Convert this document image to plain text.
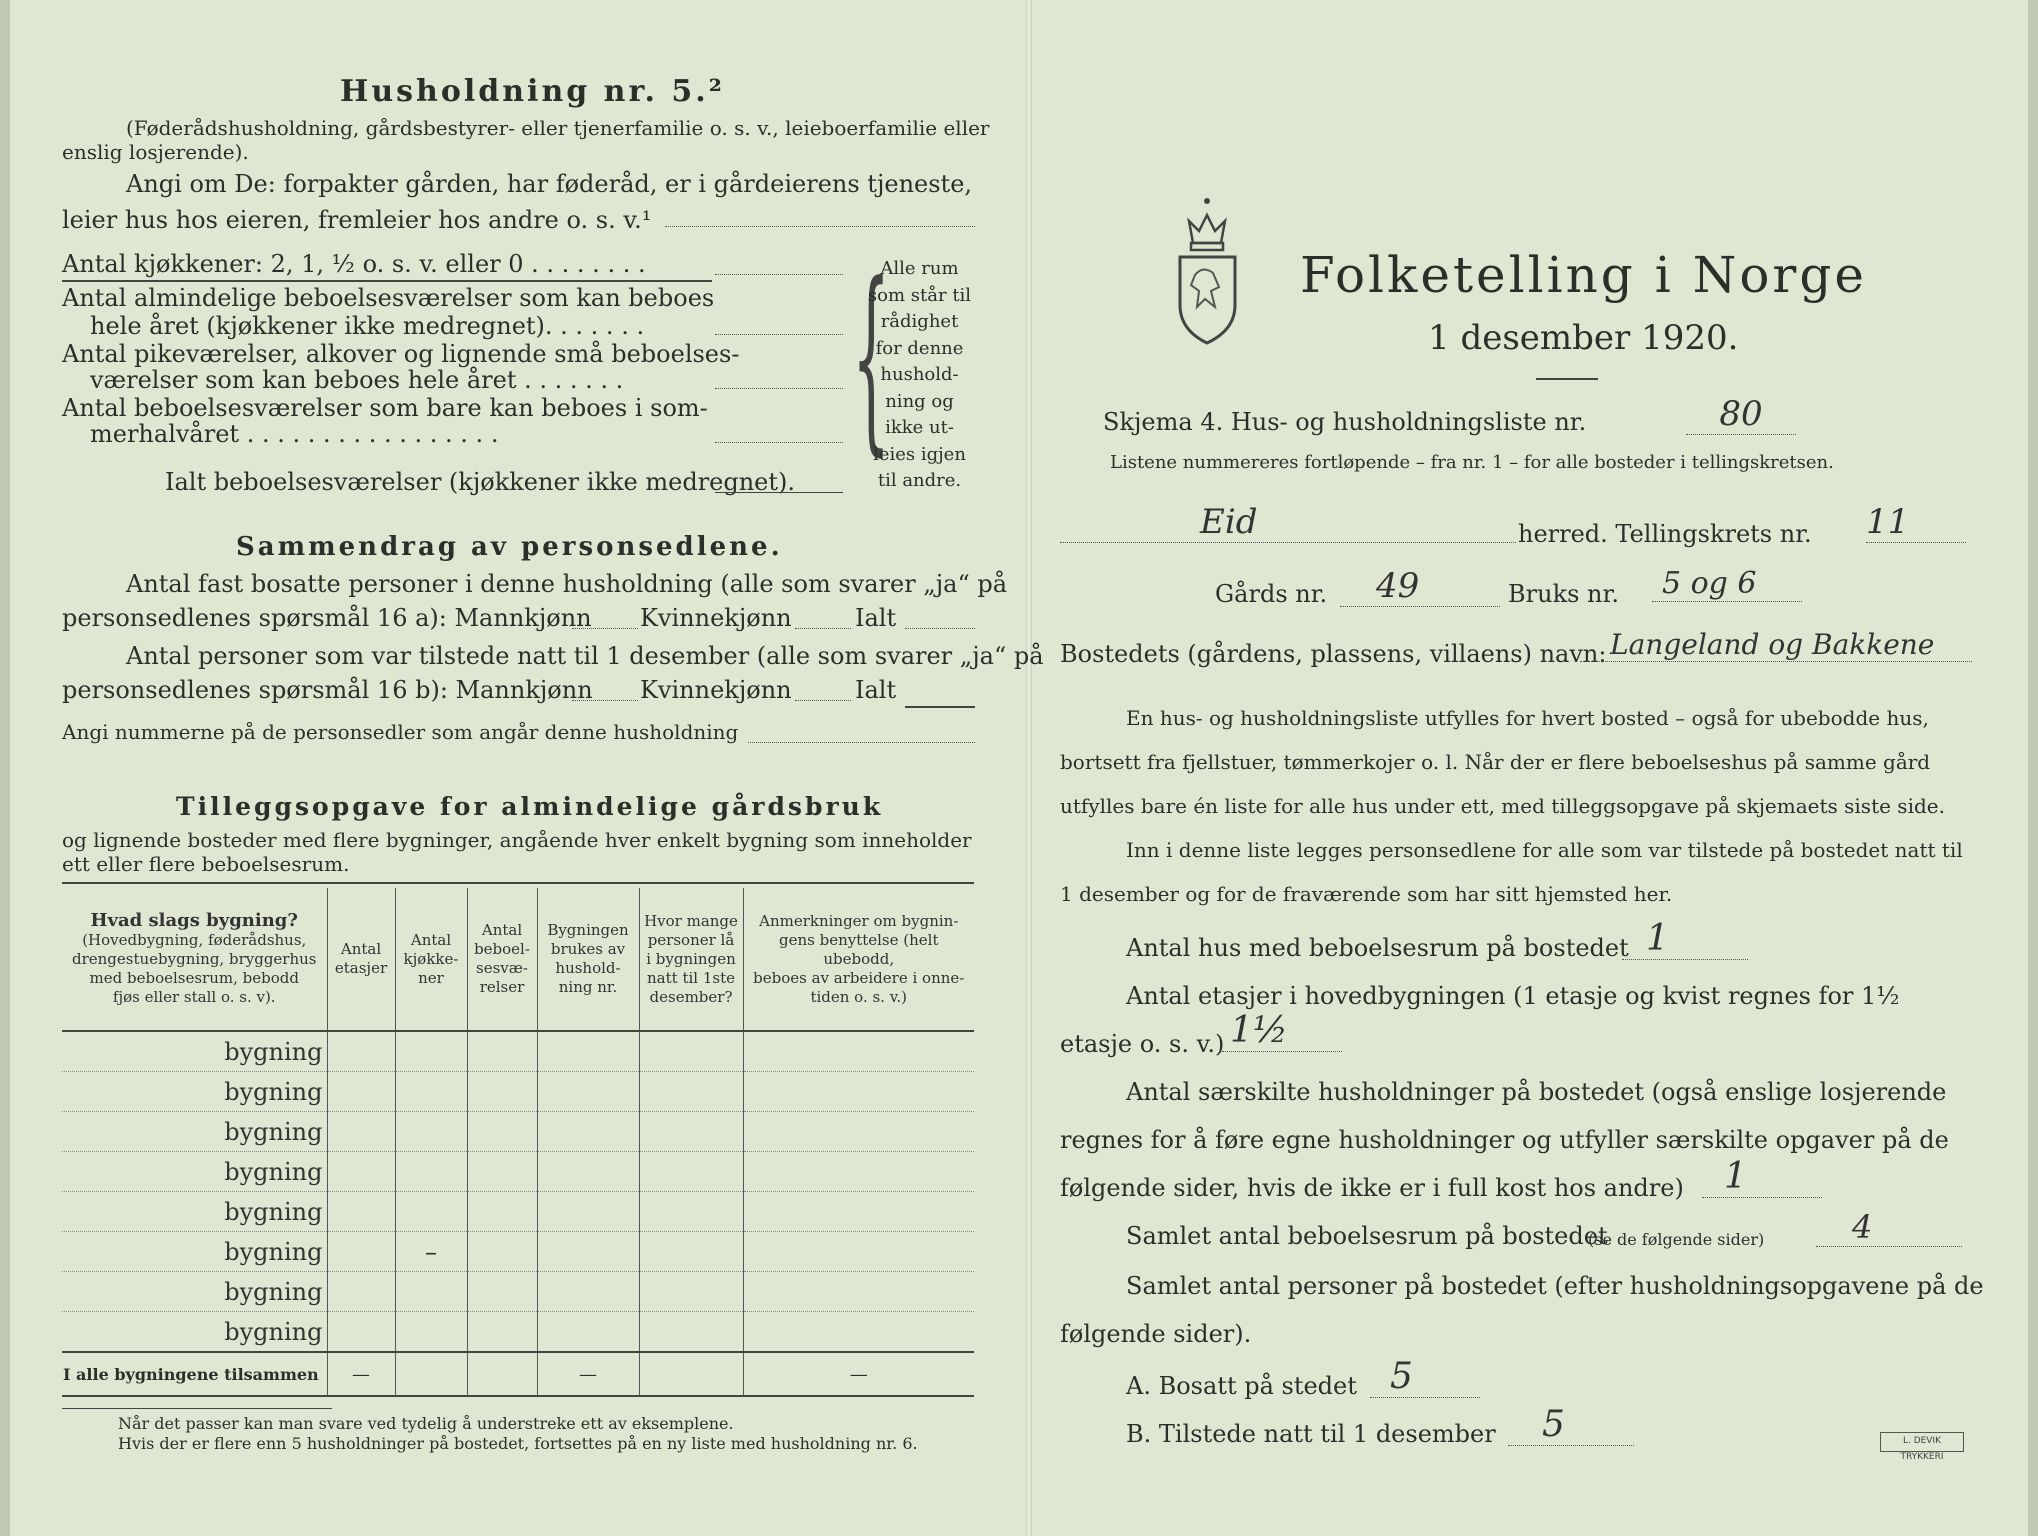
Husholdning nr. 5.²
(Føderådshusholdning, gårdsbestyrer- eller tjenerfamilie o. s. v., leieboerfamilie eller
enslig losjerende).
Angi om De: forpakter gården, har føderåd, er i gårdeierens tjeneste,
leier hus hos eieren, fremleier hos andre o. s. v.¹
Antal kjøkkener: 2, 1, ½ o. s. v. eller 0 . . . . . . . .
Antal almindelige beboelsesværelser som kan beboes
hele året (kjøkkener ikke medregnet). . . . . . .
Antal pikeværelser, alkover og lignende små beboelses-
værelser som kan beboes hele året . . . . . . .
Antal beboelsesværelser som bare kan beboes i som-
merhalvåret . . . . . . . . . . . . . . . . .
Ialt beboelsesværelser (kjøkkener ikke medregnet).
{
Alle rum
som står til
rådighet
for denne
hushold-
ning og
ikke ut-
leies igjen
til andre.
Sammendrag av personsedlene.
Antal fast bosatte personer i denne husholdning (alle som svarer „ja“ på
personsedlenes spørsmål 16 a): Mannkjønn Kvinnekjønn	Ialt
Antal personer som var tilstede natt til 1 desember (alle som svarer „ja“ på
personsedlenes spørsmål 16 b): Mannkjønn Kvinnekjønn	Ialt
Angi nummerne på de personsedler som angår denne husholdning
Tilleggsopgave for almindelige gårdsbruk
og lignende bosteder med flere bygninger, angående hver enkelt bygning som inneholder
ett eller flere beboelsesrum.
Hvad slags bygning?
(Hovedbygning, føderådshus,
drengestuebygning, bryggerhus
med beboelsesrum, bebodd
fjøs eller stall o. s. v).	Antal
etasjer	Antal
kjøkke-
ner	Antal
beboel-
sesvæ-
relser	Bygningen
brukes av
hushold-
ning nr.	Hvor mange
personer lå
i bygningen
natt til 1ste
desember?	Anmerkninger om bygnin-
gens benyttelse (helt ubebodd,
beboes av arbeidere i onne-
tiden o. s. v.)
bygning						
bygning						
bygning						
bygning						
bygning						
bygning		–				
bygning						
bygning						
I alle bygningene tilsammen	—			—		—
Når det passer kan man svare ved tydelig å understreke ett av eksemplene.
Hvis der er flere enn 5 husholdninger på bostedet, fortsettes på en ny liste med husholdning nr. 6.
Folketelling i Norge
1 desember 1920.
Skjema 4. Hus- og husholdningsliste nr.	80
Listene nummereres fortløpende – fra nr. 1 – for alle bosteder i tellingskretsen.
Eid	herred. Tellingskrets nr. 11
Gårds nr.	49	Bruks nr.	5 og 6
Bostedets (gårdens, plassens, villaens) navn: Langeland og Bakkene
En hus- og husholdningsliste utfylles for hvert bosted – også for ubebodde hus,
bortsett fra fjellstuer, tømmerkojer o. l. Når der er flere beboelseshus på samme gård
utfylles bare én liste for alle hus under ett, med tilleggsopgave på skjemaets siste side.
Inn i denne liste legges personsedlene for alle som var tilstede på bostedet natt til
1 desember og for de fraværende som har sitt hjemsted her.
Antal hus med beboelsesrum på bostedet 1
Antal etasjer i hovedbygningen (1 etasje og kvist regnes for 1½
etasje o. s. v.) 1½
Antal særskilte husholdninger på bostedet (også enslige losjerende
regnes for å føre egne husholdninger og utfyller særskilte opgaver på de
følgende sider, hvis de ikke er i full kost hos andre)	1
Samlet antal beboelsesrum på bostedet
(se de følgende sider)	4
Samlet antal personer på bostedet (efter husholdningsopgavene på de
følgende sider).
A. Bosatt på stedet 5
B. Tilstede natt til 1 desember	5	L. DEVIK TRYKKERI
